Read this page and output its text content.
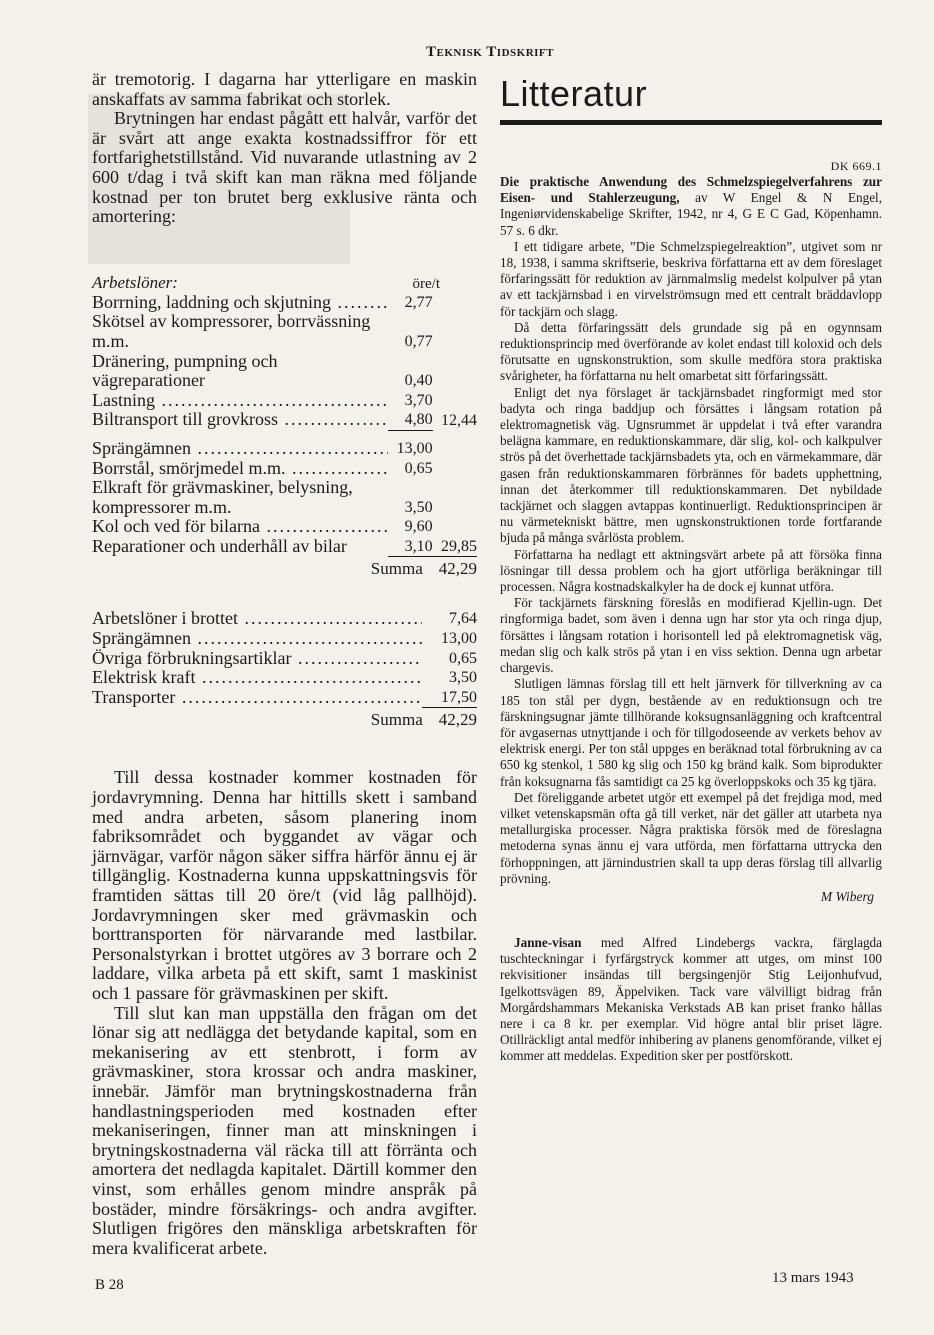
Teknisk Tidskrift

är tremotorig. I dagarna har ytterligare en maskin anskaffats av samma fabrikat och storlek.

Brytningen har endast pågått ett halvår, varför det är svårt att ange exakta kostnadssiffror för ett fortfarighetstillstånd. Vid nuvarande utlastning av 2 600 t/dag i två skift kan man räkna med följande kostnad per ton brutet berg exklusive ränta och amortering:

Arbetslöner:	öre/t
Borrning, laddning och skjutning .....	2,77
Skötsel av kompressorer, borrvässning m.m.	0,77
Dränering, pumpning och vägreparationer	0,40
Lastning .....	3,70
Biltransport till grovkross .....	4,80 12,44
Sprängämnen .....	13,00
Borrstål, smörjmedel m.m. .....	0,65
Elkraft för grävmaskiner, belysning, kompressorer m.m.	3,50
Kol och ved för bilarna .....	9,60
Reparationer och underhåll av bilar	3,10 29,85
Summa 42,29
Arbetslöner i brottet .....	7,64
Sprängämnen .....	13,00
Övriga förbrukningsartiklar .....	0,65
Elektrisk kraft .....	3,50
Transporter .....	17,50
Summa 42,29

Till dessa kostnader kommer kostnaden för jordavrymning. Denna har hittills skett i samband med andra arbeten, såsom planering inom fabriksområdet och byggandet av vägar och järnvägar, varför någon säker siffra härför ännu ej är tillgänglig. Kostnaderna kunna uppskattningsvis för framtiden sättas till 20 öre/t (vid låg pallhöjd). Jordavrymningen sker med grävmaskin och borttransporten för närvarande med lastbilar. Personalstyrkan i brottet utgöres av 3 borrare och 2 laddare, vilka arbeta på ett skift, samt 1 maskinist och 1 passare för grävmaskinen per skift.

Till slut kan man uppställa den frågan om det lönar sig att nedlägga det betydande kapital, som en mekanisering av ett stenbrott, i form av grävmaskiner, stora krossar och andra maskiner, innebär. Jämför man brytningskostnaderna från handlastningsperioden med kostnaden efter mekaniseringen, finner man att minskningen i brytningskostnaderna väl räcka till att förränta och amortera det nedlagda kapitalet. Därtill kommer den vinst, som erhålles genom mindre anspråk på bostäder, mindre försäkrings- och andra avgifter. Slutligen frigöres den mänskliga arbetskraften för mera kvalificerat arbete.

Litteratur
DK 669.1

Die praktische Anwendung des Schmelzspiegelverfahrens zur Eisen- und Stahlerzeugung, av W Engel & N Engel, Ingeniørvidenskabelige Skrifter, 1942, nr 4, G E C Gad, Köpenhamn. 57 s. 6 dkr.

I ett tidigare arbete, ”Die Schmelzspiegelreaktion”, utgivet som nr 18, 1938, i samma skriftserie, beskriva författarna ett av dem föreslaget förfaringssätt för reduktion av järnmalmslig medelst kolpulver på ytan av ett tackjärnsbad i en virvelströmsugn med ett centralt bräddavlopp för tackjärn och slagg.

Då detta förfaringssätt dels grundade sig på en ogynnsam reduktionsprincip med överförande av kolet endast till koloxid och dels förutsatte en ugnskonstruktion, som skulle medföra stora praktiska svårigheter, ha författarna nu helt omarbetat sitt förfaringssätt.

Enligt det nya förslaget är tackjärnsbadet ringformigt med stor badyta och ringa baddjup och försättes i långsam rotation på elektromagnetisk väg. Ugnsrummet är uppdelat i två efter varandra belägna kammare, en reduktionskammare, där slig, kol- och kalkpulver strös på det överhettade tackjärnsbadets yta, och en värmekammare, där gasen från reduktionskammaren förbrännes för badets upphettning, innan det återkommer till reduktionskammaren. Det nybildade tackjärnet och slaggen avtappas kontinuerligt. Reduktionsprincipen är nu värmetekniskt bättre, men ugnskonstruktionen torde fortfarande bjuda på många svårlösta problem.

Författarna ha nedlagt ett aktningsvärt arbete på att försöka finna lösningar till dessa problem och ha gjort utförliga beräkningar till processen. Några kostnadskalkyler ha de dock ej kunnat utföra.

För tackjärnets färskning föreslås en modifierad Kjellin-ugn. Det ringformiga badet, som även i denna ugn har stor yta och ringa djup, försättes i långsam rotation i horisontell led på elektromagnetisk väg, medan slig och kalk strös på ytan i en viss sektion. Denna ugn arbetar chargevis.

Slutligen lämnas förslag till ett helt järnverk för tillverkning av ca 185 ton stål per dygn, bestående av en reduktionsugn och tre färskningsugnar jämte tillhörande koksugnsanläggning och kraftcentral för avgasernas utnyttjande i och för tillgodoseende av verkets behov av elektrisk energi. Per ton stål uppges en beräknad total förbrukning av ca 650 kg stenkol, 1 580 kg slig och 150 kg bränd kalk. Som biprodukter från koksugnarna fås samtidigt ca 25 kg överloppskoks och 35 kg tjära.

Det föreliggande arbetet utgör ett exempel på det frejdiga mod, med vilket vetenskapsmän ofta gå till verket, när det gäller att utarbeta nya metallurgiska processer. Några praktiska försök med de föreslagna metoderna synas ännu ej vara utförda, men författarna uttrycka den förhoppningen, att järnindustrien skall ta upp deras förslag till allvarlig prövning.

M Wiberg

Janne-visan med Alfred Lindebergs vackra, färglagda tuschteckningar i fyrfärgstryck kommer att utges, om minst 100 rekvisitioner insändas till bergsingenjör Stig Leijonhufvud, Igelkottsvägen 89, Äppelviken. Tack vare välvilligt bidrag från Morgårdshammars Mekaniska Verkstads AB kan priset franko hållas nere i ca 8 kr. per exemplar. Vid högre antal blir priset lägre. Otillräckligt antal medför inhibering av planens genomförande, vilket ej kommer att meddelas. Expedition sker per postförskott.

B 28	13 mars 1943
